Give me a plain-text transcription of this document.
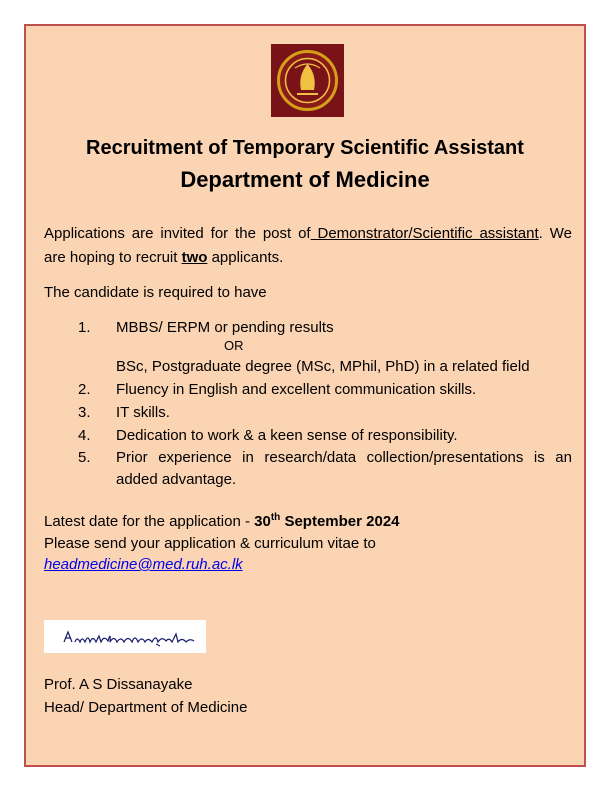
Recruitment of Temporary Scientific Assistant
Department of Medicine
Applications are invited for the post of Demonstrator/Scientific assistant. We are hoping to recruit two applicants.
The candidate is required to have
1.	MBBS/ ERPM or pending results
OR
BSc, Postgraduate degree (MSc, MPhil, PhD) in a related field
2.	Fluency in English and excellent communication skills.
3.	IT skills.
4.	Dedication to work & a keen sense of responsibility.
5.	Prior experience in research/data collection/presentations is an added advantage.
Latest date for the application - 30th September 2024
Please send your application & curriculum vitae to
headmedicine@med.ruh.ac.lk
Prof. A S Dissanayake
Head/ Department of Medicine
